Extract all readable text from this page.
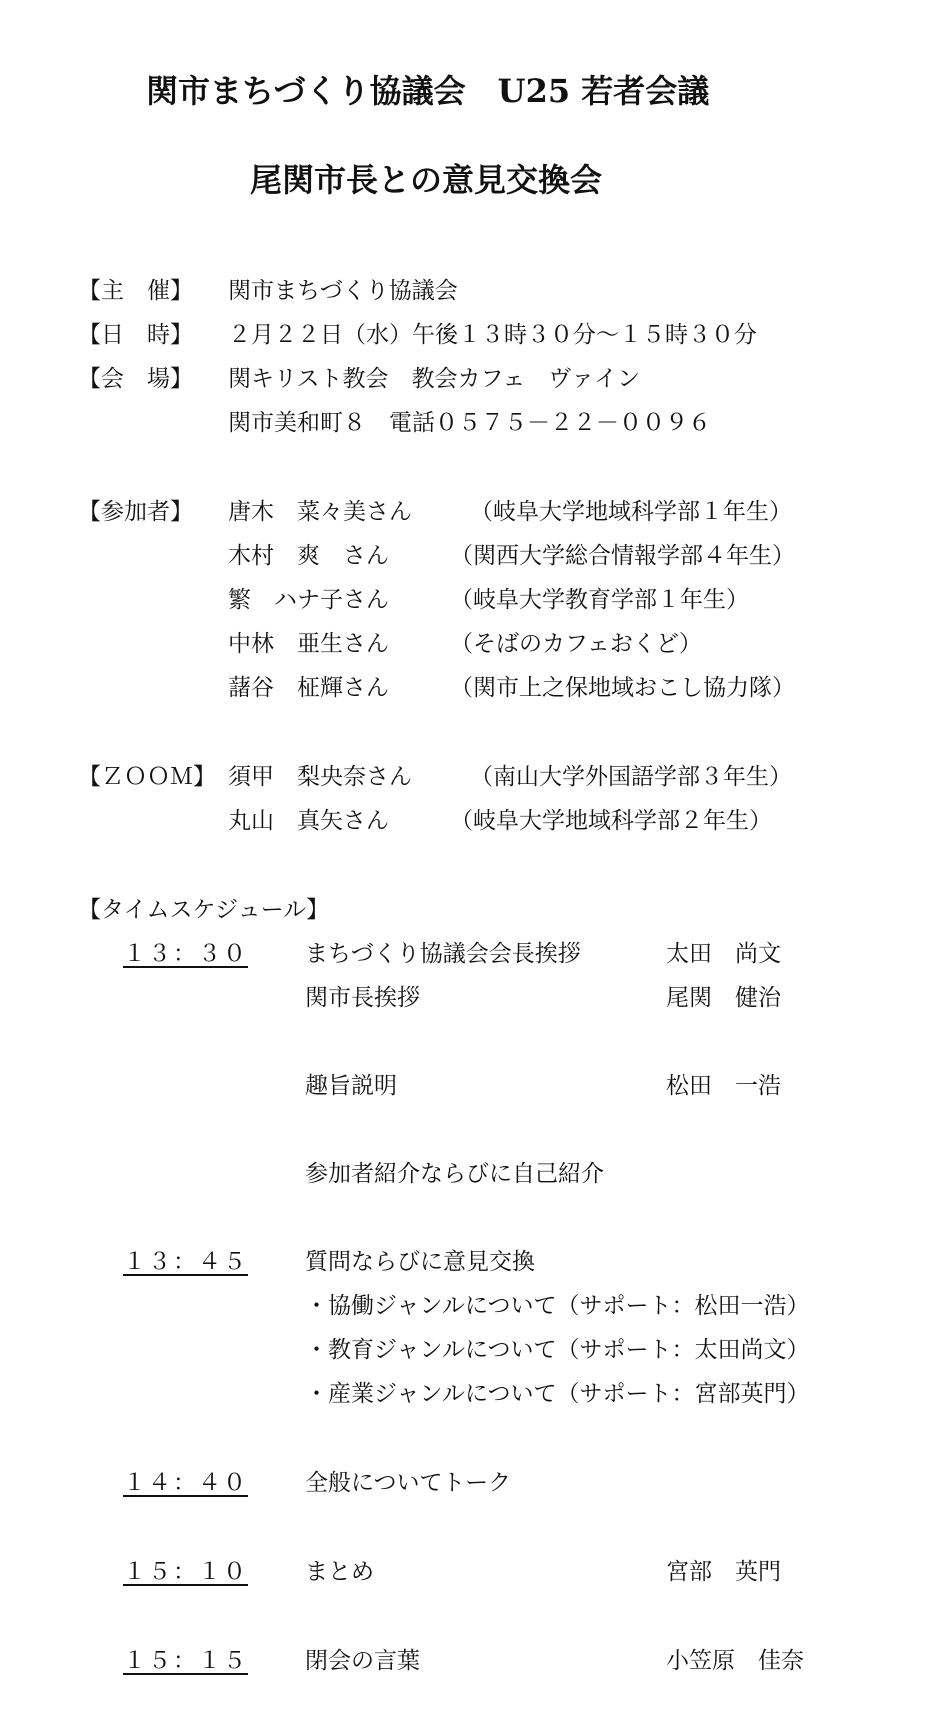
関市まちづくり協議会　U25 若者会議
尾関市長との意見交換会
【主　催】 関市まちづくり協議会
【日　時】 ２月２２日（水）午後１３時３０分～１５時３０分
【会　場】 関キリスト教会　教会カフェ　ヴァイン
関市美和町８　電話０５７５－２２－００９６
【参加者】 唐木　菜々美さん	（岐阜大学地域科学部１年生）
木村　爽　さん	（関西大学総合情報学部４年生）
繁　ハナ子さん	（岐阜大学教育学部１年生）
中林　亜生さん	（そばのカフェおくど）
藷谷　柾輝さん	（関市上之保地域おこし協力隊）
【ＺＯＯＭ】 須甲　梨央奈さん	（南山大学外国語学部３年生）
丸山　真矢さん	（岐阜大学地域科学部２年生）
【タイムスケジュール】
１３：３０ まちづくり協議会会長挨拶	太田　尚文
関市長挨拶	尾関　健治
趣旨説明	松田　一浩
参加者紹介ならびに自己紹介
１３：４５ 質問ならびに意見交換
・協働ジャンルについて（サポート：松田一浩）
・教育ジャンルについて（サポート：太田尚文）
・産業ジャンルについて（サポート：宮部英門）
１４：４０ 全般についてトーク
１５：１０ まとめ	宮部　英門
１５：１５ 閉会の言葉	小笠原　佳奈
